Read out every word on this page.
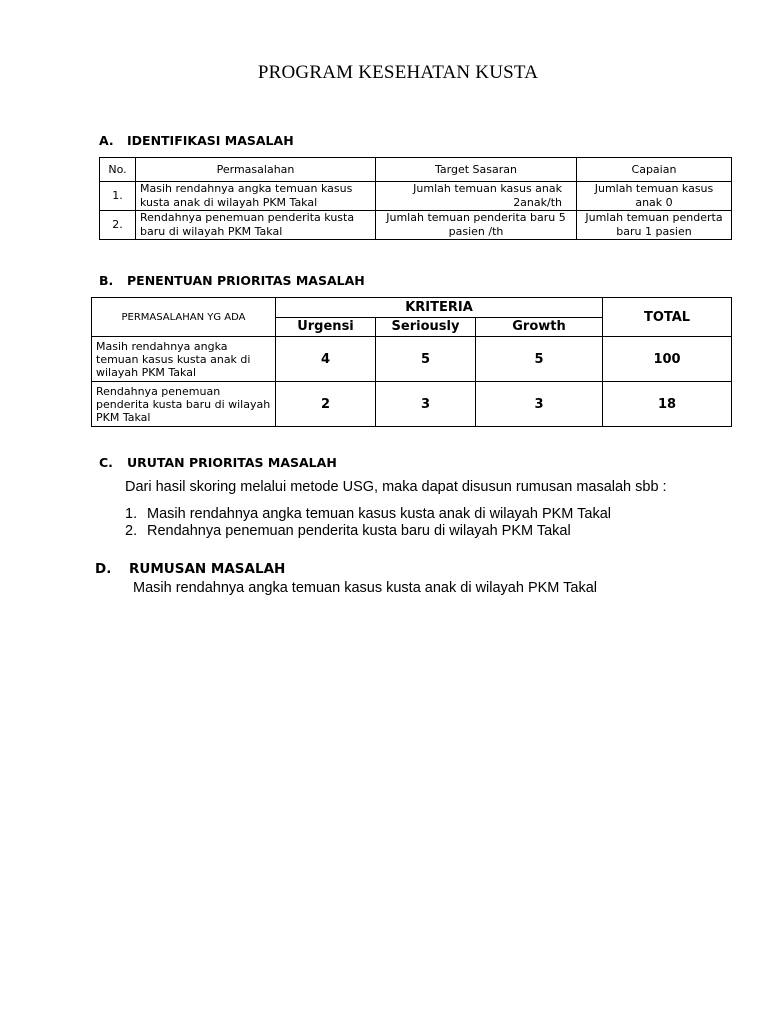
PROGRAM KESEHATAN KUSTA
A. IDENTIFIKASI MASALAH
No.	Permasalahan	Target Sasaran	Capaian
1.	Masih rendahnya angka temuan kasus kusta anak di wilayah PKM Takal	Jumlah temuan kasus anak 2anak/th	Jumlah temuan kasus anak 0
2.	Rendahnya penemuan penderita kusta baru di wilayah PKM Takal	Jumlah temuan penderita baru 5 pasien /th	Jumlah temuan penderta baru 1 pasien
B. PENENTUAN PRIORITAS MASALAH
PERMASALAHAN YG ADA	KRITERIA			TOTAL
	Urgensi	Seriously	Growth	
Masih rendahnya angka temuan kasus kusta anak di wilayah PKM Takal	4	5	5	100
Rendahnya penemuan penderita kusta baru di wilayah PKM Takal	2	3	3	18
C. URUTAN PRIORITAS MASALAH
Dari hasil skoring melalui metode USG, maka dapat disusun rumusan masalah sbb :
1. Masih rendahnya angka temuan kasus kusta anak di wilayah PKM Takal
2. Rendahnya penemuan penderita kusta baru di wilayah PKM Takal
D. RUMUSAN MASALAH
Masih rendahnya angka temuan kasus kusta anak di wilayah PKM Takal
